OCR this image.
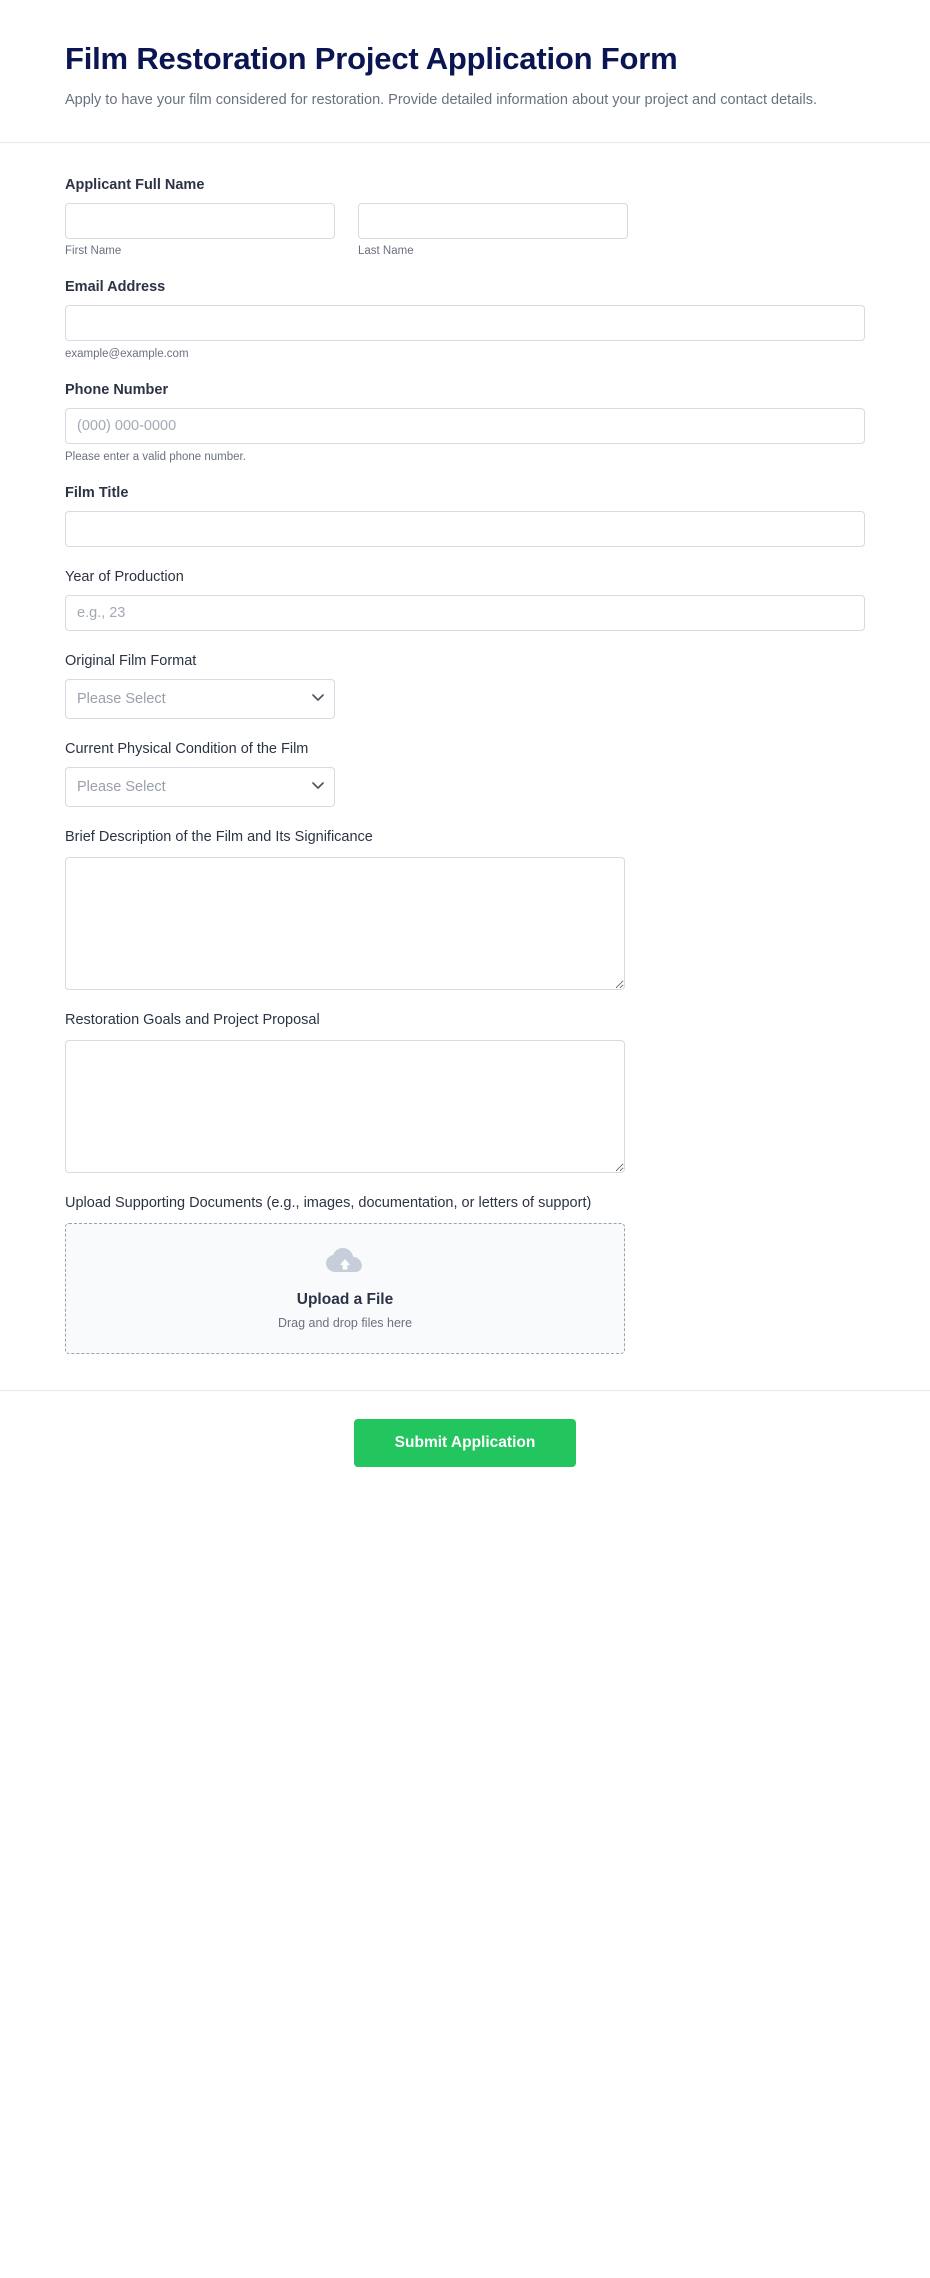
Film Restoration Project Application Form

Apply to have your film considered for restoration. Provide detailed information about your project and contact details.

Applicant Full Name
First Name	Last Name
Email Address
example@example.com
Phone Number
(000) 000-0000
Please enter a valid phone number.
Film Title
Year of Production
e.g., 23
Original Film Format
Please Select
Current Physical Condition of the Film
Please Select
Brief Description of the Film and Its Significance
Restoration Goals and Project Proposal
Upload Supporting Documents (e.g., images, documentation, or letters of support)
Upload a File
Drag and drop files here
Submit Application
